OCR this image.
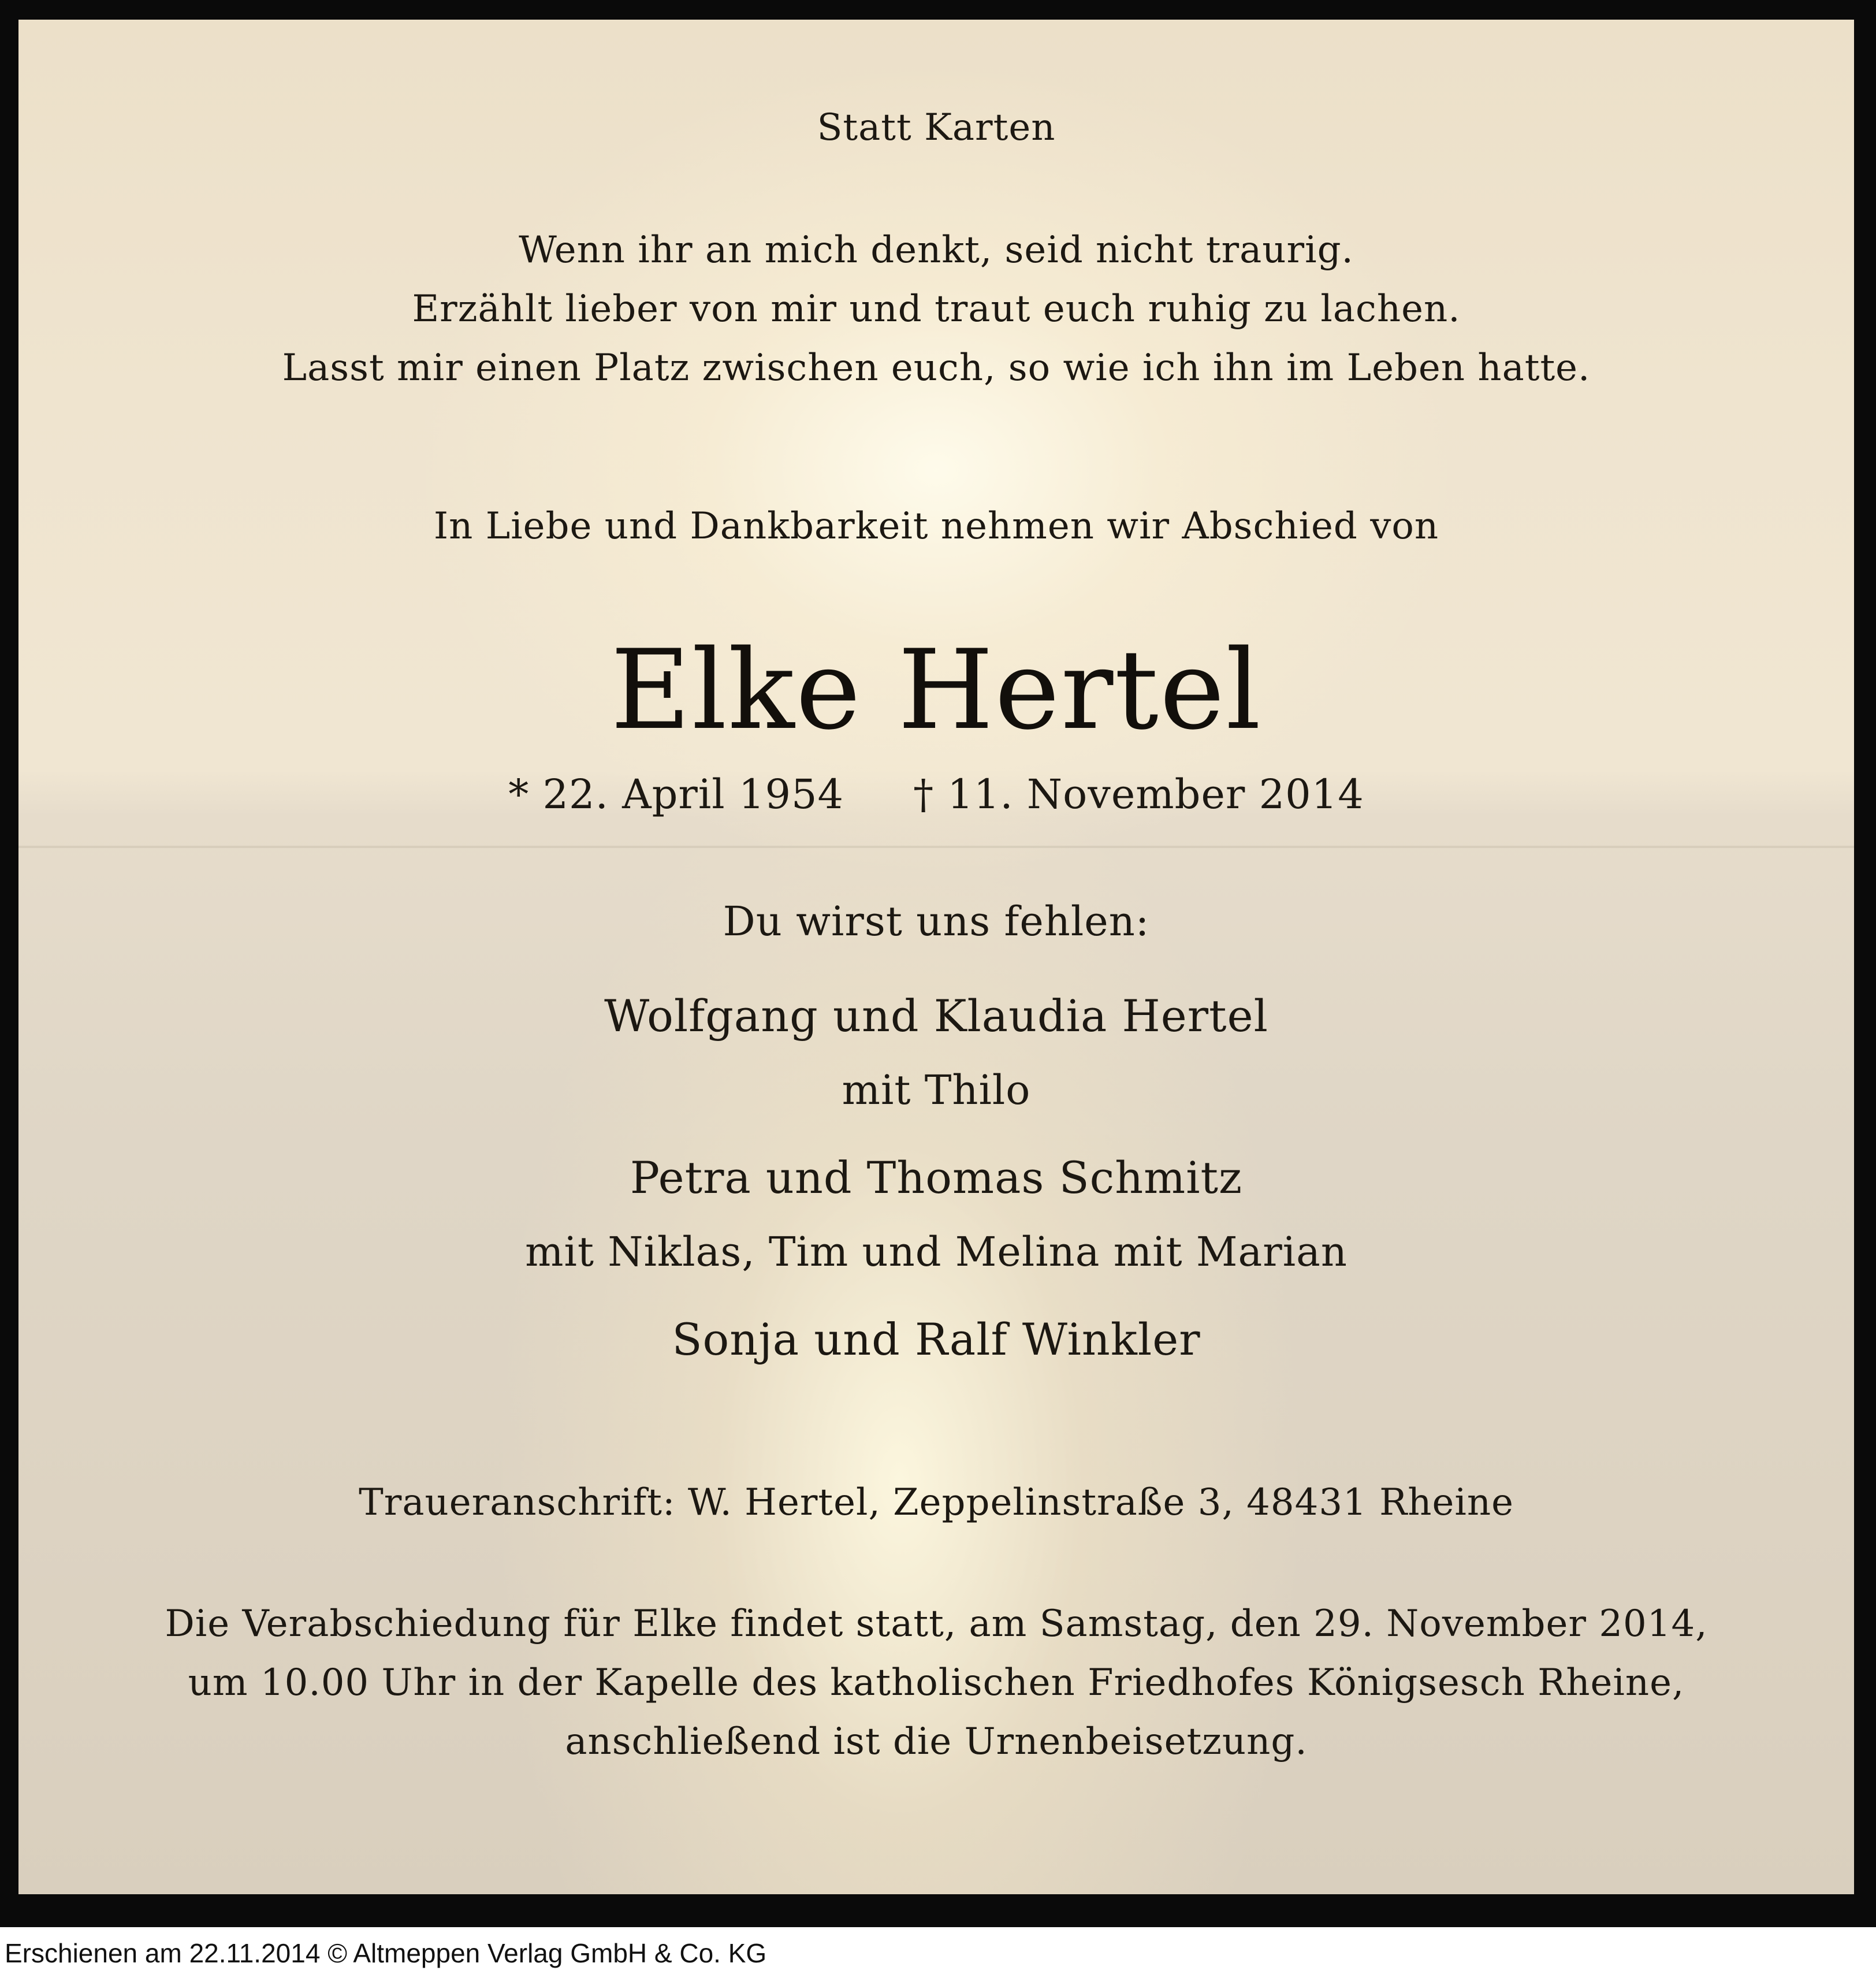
Statt Karten
Wenn ihr an mich denkt, seid nicht traurig.
Erzählt lieber von mir und traut euch ruhig zu lachen.
Lasst mir einen Platz zwischen euch, so wie ich ihn im Leben hatte.
In Liebe und Dankbarkeit nehmen wir Abschied von
Elke Hertel
* 22. April 1954 † 11. November 2014
Du wirst uns fehlen:
Wolfgang und Klaudia Hertel
mit Thilo
Petra und Thomas Schmitz
mit Niklas, Tim und Melina mit Marian
Sonja und Ralf Winkler
Traueranschrift: W. Hertel, Zeppelinstraße 3, 48431 Rheine
Die Verabschiedung für Elke findet statt, am Samstag, den 29. November 2014,
um 10.00 Uhr in der Kapelle des katholischen Friedhofes Königsesch Rheine,
anschließend ist die Urnenbeisetzung.
Erschienen am 22.11.2014 © Altmeppen Verlag GmbH & Co. KG
